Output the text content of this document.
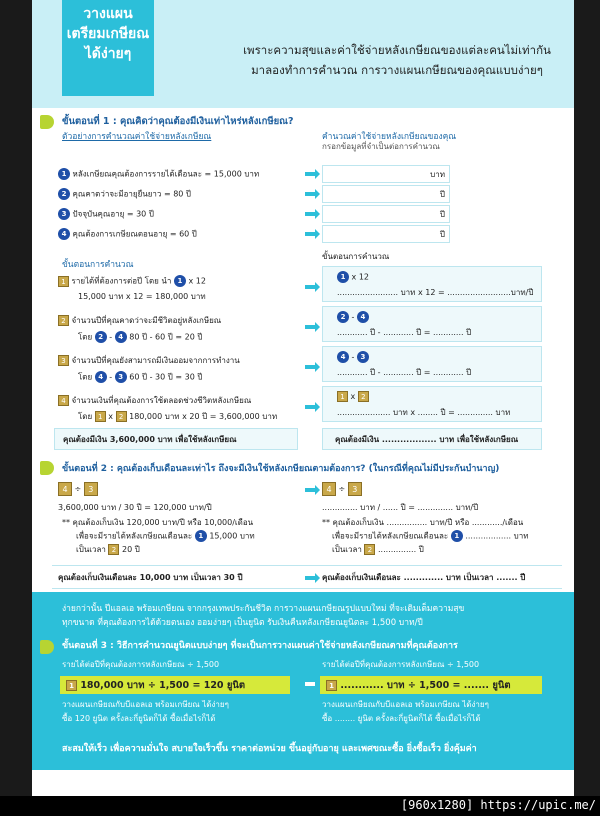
วางแผน
เตรียมเกษียณ
ได้ง่ายๆ	เพราะความสุขและค่าใช้จ่ายหลังเกษียณของแต่ละคนไม่เท่ากัน
มาลองทำการคำนวณ การวางแผนเกษียณของคุณแบบง่ายๆ
ขั้นตอนที่ 1 : คุณคิดว่าคุณต้องมีเงินเท่าไหร่หลังเกษียณ?
ตัวอย่างการคำนวณค่าใช้จ่ายหลังเกษียณ	คำนวณค่าใช้จ่ายหลังเกษียณของคุณ
กรอกข้อมูลที่จำเป็นต่อการคำนวณ
1 หลังเกษียณคุณต้องการรายได้เดือนละ = 15,000 บาท
2 คุณคาดว่าจะมีอายุยืนยาว = 80 ปี
3 ปัจจุบันคุณอายุ = 30 ปี
4 คุณต้องการเกษียณตอนอายุ = 60 ปี
บาท
ปี
ปี
ปี
ขั้นตอนการคำนวณ
ขั้นตอนการคำนวณ
1 รายได้ที่ต้องการต่อปี โดย นำ 1 x 12
15,000 บาท x 12 = 180,000 บาท
2 จำนวนปีที่คุณคาดว่าจะมีชีวิตอยู่หลังเกษียณ
โดย 2 - 4 80 ปี - 60 ปี = 20 ปี
3 จำนวนปีที่คุณยังสามารถมีเงินออมจากการทำงาน
โดย 4 - 3 60 ปี - 30 ปี = 30 ปี
4 จำนวนเงินที่คุณต้องการใช้ตลอดช่วงชีวิตหลังเกษียณ
โดย 1 x 2 180,000 บาท x 20 ปี = 3,600,000 บาท
1 x 12
........................ บาท x 12 = .........................บาท/ปี
2 - 4
............ ปี - ............ ปี = ............ ปี
4 - 3
............ ปี - ............ ปี = ............ ปี
1 x 2
..................... บาท x ........ ปี = .............. บาท
คุณต้องมีเงิน 3,600,000 บาท เพื่อใช้หลังเกษียณ	คุณต้องมีเงิน .................. บาท เพื่อใช้หลังเกษียณ
ขั้นตอนที่ 2 : คุณต้องเก็บเดือนละเท่าไร ถึงจะมีเงินใช้หลังเกษียณตามต้องการ? (ในกรณีที่คุณไม่มีประกันบำนาญ)
4 ÷ 3
3,600,000 บาท / 30 ปี = 120,000 บาท/ปี
** คุณต้องเก็บเงิน 120,000 บาท/ปี หรือ 10,000/เดือน
เพื่อจะมีรายได้หลังเกษียณเดือนละ 1 15,000 บาท
เป็นเวลา 2 20 ปี
4 ÷ 3
.............. บาท / ...... ปี = .............. บาท/ปี
** คุณต้องเก็บเงิน ................ บาท/ปี หรือ ............/เดือน
เพื่อจะมีรายได้หลังเกษียณเดือนละ 1 .................. บาท
เป็นเวลา 2 ............... ปี
คุณต้องเก็บเงินเดือนละ 10,000 บาท เป็นเวลา 30 ปี	คุณต้องเก็บเงินเดือนละ ............. บาท เป็นเวลา ....... ปี
ง่ายกว่านั้น ปีแอลเอ พร้อมเกษียณ จากกรุงเทพประกันชีวิต การวางแผนเกษียณรูปแบบใหม่ ที่จะเติมเต็มความสุข
ทุกขนาด ที่คุณต้องการได้ด้วยตนเอง ออมง่ายๆ เป็นยูนิต รับเงินคืนหลังเกษียณยูนิตละ 1,500 บาท/ปี
ขั้นตอนที่ 3 : วิธีการคำนวณยูนิตแบบง่ายๆ ที่จะเป็นการวางแผนค่าใช้จ่ายหลังเกษียณตามที่คุณต้องการ
รายได้ต่อปีที่คุณต้องการหลังเกษียณ ÷ 1,500
1 180,000 บาท ÷ 1,500 = 120 ยูนิต
วางแผนเกษียณกับบีแอลเอ พร้อมเกษียณ ได้ง่ายๆ
ซื้อ 120 ยูนิต ครั้งละกี่ยูนิตก็ได้ ซื้อเมื่อไรก็ได้
รายได้ต่อปีที่คุณต้องการหลังเกษียณ ÷ 1,500
1 ............ บาท ÷ 1,500 = ....... ยูนิต
วางแผนเกษียณกับบีแอลเอ พร้อมเกษียณ ได้ง่ายๆ
ซื้อ ........ ยูนิต ครั้งละกี่ยูนิตก็ได้ ซื้อเมื่อไรก็ได้
สะสมให้เร็ว เพื่อความมั่นใจ สบายใจเร็วขึ้น ราคาต่อหน่วย ขึ้นอยู่กับอายุ และเพศขณะซื้อ ยิ่งซื้อเร็ว ยิ่งคุ้มค่า
[960x1280] https://upic.me/
